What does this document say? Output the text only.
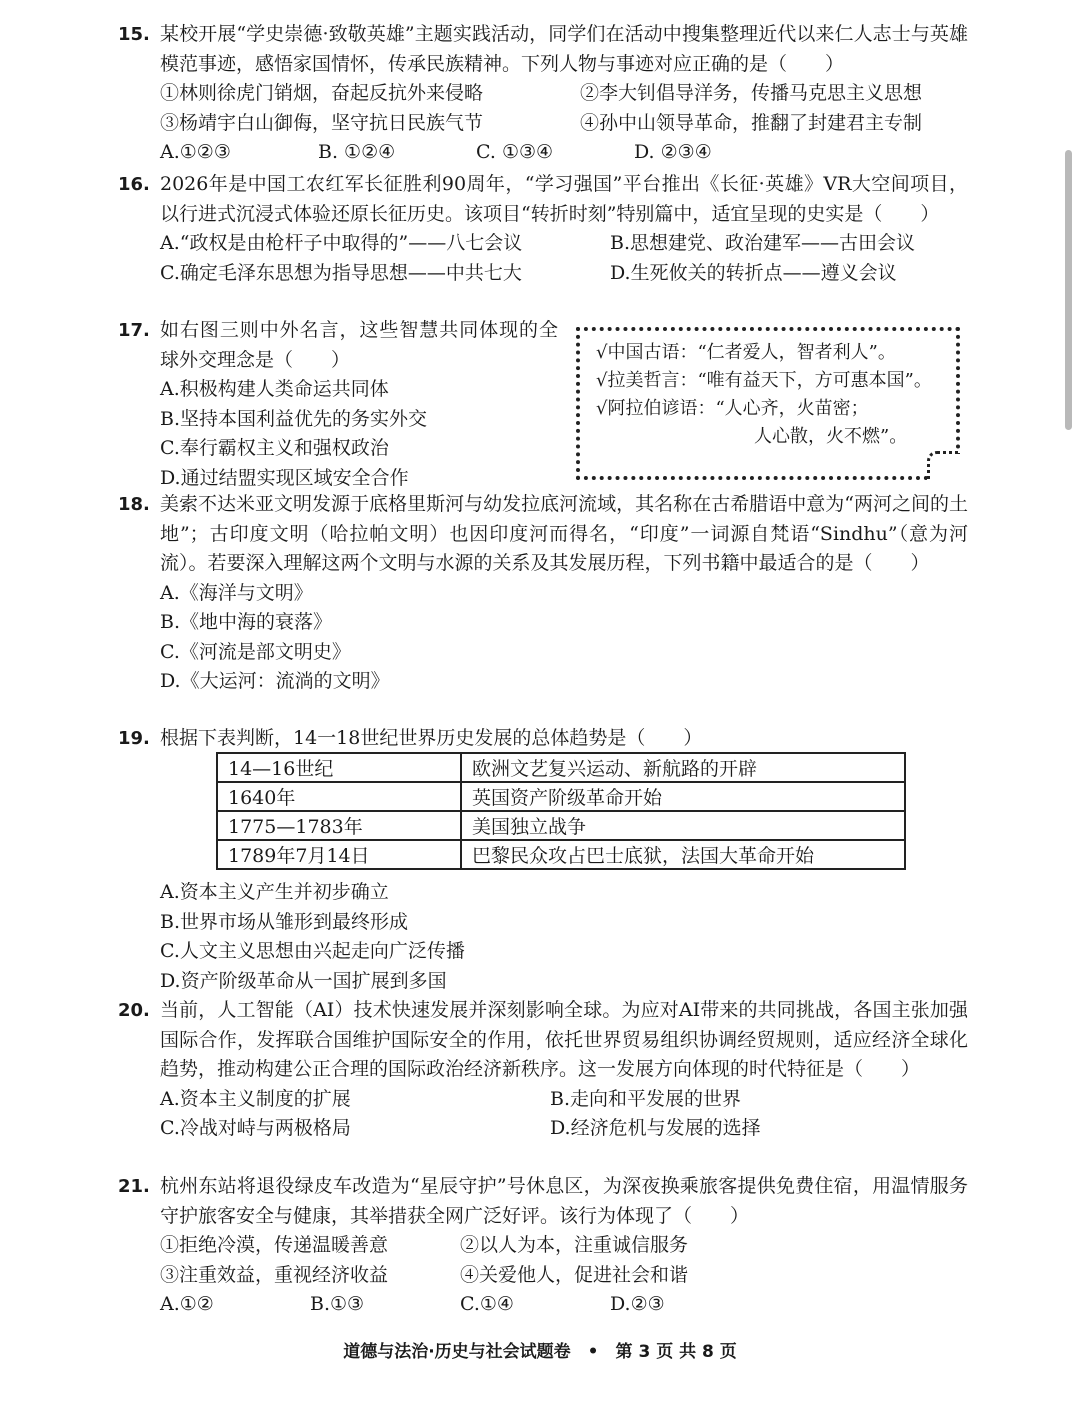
15. 某校开展“学史崇德·致敬英雄”主题实践活动，同学们在活动中搜集整理近代以来仁人志士与英雄模范事迹，感悟家国情怀，传承民族精神。下列人物与事迹对应正确的是（　　）
①林则徐虎门销烟，奋起反抗外来侵略	②李大钊倡导洋务，传播马克思主义思想
③杨靖宇白山御侮，坚守抗日民族气节	④孙中山领导革命，推翻了封建君主专制
A.①②③	B. ①②④	C. ①③④	D. ②③④
16. 2026年是中国工农红军长征胜利90周年，“学习强国”平台推出《长征·英雄》VR大空间项目，以行进式沉浸式体验还原长征历史。该项目“转折时刻”特别篇中，适宜呈现的史实是（　　）
A.“政权是由枪杆子中取得的”——八七会议	B.思想建党、政治建军——古田会议
C.确定毛泽东思想为指导思想——中共七大	D.生死攸关的转折点——遵义会议
17. 如右图三则中外名言，这些智慧共同体现的全球外交理念是（　　）
A.积极构建人类命运共同体
B.坚持本国利益优先的务实外交
C.奉行霸权主义和强权政治
D.通过结盟实现区域安全合作
√中国古语：“仁者爱人，智者利人”。
√拉美哲言：“唯有益天下，方可惠本国”。
√阿拉伯谚语：“人心齐，火苗密；
人心散，火不燃”。
18. 美索不达米亚文明发源于底格里斯河与幼发拉底河流域，其名称在古希腊语中意为“两河之间的土地”；古印度文明（哈拉帕文明）也因印度河而得名，“印度”一词源自梵语“Sindhu”（意为河流）。若要深入理解这两个文明与水源的关系及其发展历程，下列书籍中最适合的是（　　）
A.《海洋与文明》
B.《地中海的衰落》
C.《河流是部文明史》
D.《大运河：流淌的文明》
19. 根据下表判断，14一18世纪世界历史发展的总体趋势是（　　）
14—16世纪	欧洲文艺复兴运动、新航路的开辟
1640年	英国资产阶级革命开始
1775—1783年	美国独立战争
1789年7月14日	巴黎民众攻占巴士底狱，法国大革命开始
A.资本主义产生并初步确立
B.世界市场从雏形到最终形成
C.人文主义思想由兴起走向广泛传播
D.资产阶级革命从一国扩展到多国
20. 当前，人工智能（AI）技术快速发展并深刻影响全球。为应对AI带来的共同挑战，各国主张加强国际合作，发挥联合国维护国际安全的作用，依托世界贸易组织协调经贸规则，适应经济全球化趋势，推动构建公正合理的国际政治经济新秩序。这一发展方向体现的时代特征是（　　）
A.资本主义制度的扩展	B.走向和平发展的世界
C.冷战对峙与两极格局	D.经济危机与发展的选择
21. 杭州东站将退役绿皮车改造为“星辰守护”号休息区，为深夜换乘旅客提供免费住宿，用温情服务守护旅客安全与健康，其举措获全网广泛好评。该行为体现了（　　）
①拒绝冷漠，传递温暖善意	②以人为本，注重诚信服务
③注重效益，重视经济收益	④关爱他人，促进社会和谐
A.①②	B.①③	C.①④	D.②③
道德与法治·历史与社会试题卷　•　第 3 页 共 8 页
